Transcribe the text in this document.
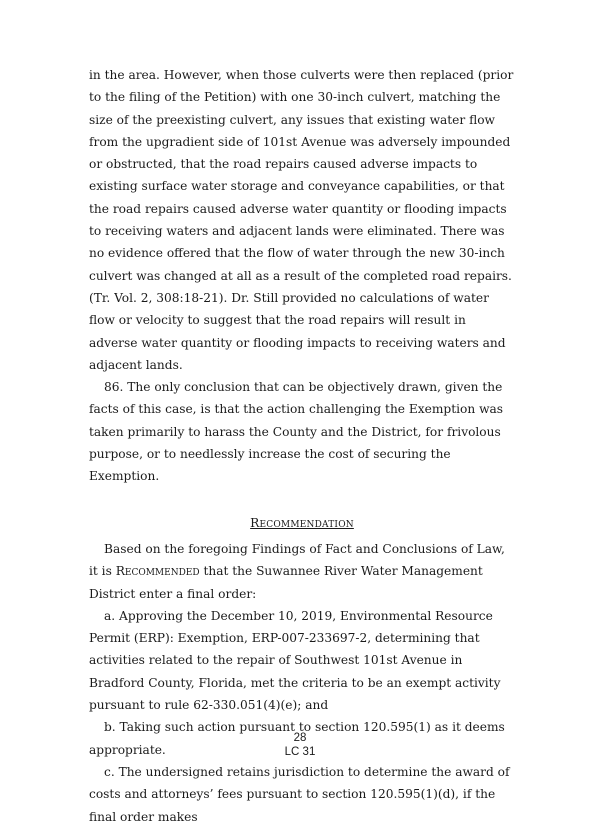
in the area. However, when those culverts were then replaced (prior to the filing of the Petition) with one 30-inch culvert, matching the size of the preexisting culvert, any issues that existing water flow from the upgradient side of 101st Avenue was adversely impounded or obstructed, that the road repairs caused adverse impacts to existing surface water storage and conveyance capabilities, or that the road repairs caused adverse water quantity or flooding impacts to receiving waters and adjacent lands were eliminated. There was no evidence offered that the flow of water through the new 30-inch culvert was changed at all as a result of the completed road repairs. (Tr. Vol. 2, 308:18-21). Dr. Still provided no calculations of water flow or velocity to suggest that the road repairs will result in adverse water quantity or flooding impacts to receiving waters and adjacent lands.

86. The only conclusion that can be objectively drawn, given the facts of this case, is that the action challenging the Exemption was taken primarily to harass the County and the District, for frivolous purpose, or to needlessly increase the cost of securing the Exemption.

Recommendation

Based on the foregoing Findings of Fact and Conclusions of Law, it is Recommended that the Suwannee River Water Management District enter a final order:

a. Approving the December 10, 2019, Environmental Resource Permit (ERP): Exemption, ERP-007-233697-2, determining that activities related to the repair of Southwest 101st Avenue in Bradford County, Florida, met the criteria to be an exempt activity pursuant to rule 62-330.051(4)(e); and

b. Taking such action pursuant to section 120.595(1) as it deems appropriate.

c. The undersigned retains jurisdiction to determine the award of costs and attorneys’ fees pursuant to section 120.595(1)(d), if the final order makes

28
LC 31
